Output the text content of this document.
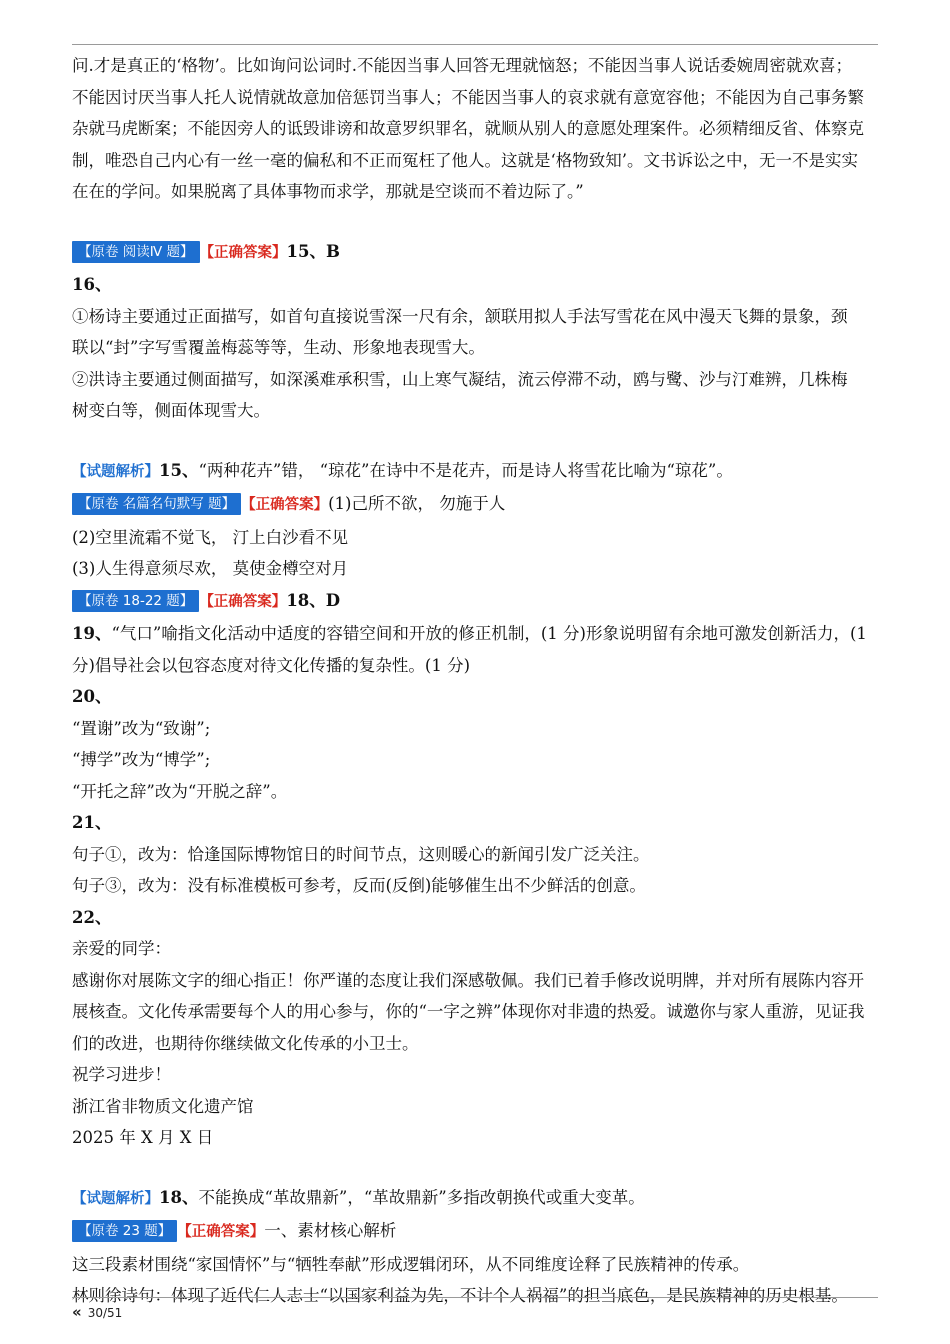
问.才是真正的‘格物’。比如询问讼词时.不能因当事人回答无理就恼怒；不能因当事人说话委婉周密就欢喜；

不能因讨厌当事人托人说情就故意加倍惩罚当事人；不能因当事人的哀求就有意宽容他；不能因为自己事务繁

杂就马虎断案；不能因旁人的诋毁诽谤和故意罗织罪名，就顺从别人的意愿处理案件。必须精细反省、体察克

制，唯恐自己内心有一丝一毫的偏私和不正而冤枉了他人。这就是‘格物致知’。文书诉讼之中，无一不是实实

在在的学问。如果脱离了具体事物而求学，那就是空谈而不着边际了。”

【原卷 阅读Ⅳ 题】 【正确答案】15、B

16、

①杨诗主要通过正面描写，如首句直接说雪深一尺有余，颔联用拟人手法写雪花在风中漫天飞舞的景象，颈

联以“封”字写雪覆盖梅蕊等等，生动、形象地表现雪大。

②洪诗主要通过侧面描写，如深溪难承积雪，山上寒气凝结，流云停滞不动，鸥与鹭、沙与汀难辨，几株梅

树变白等，侧面体现雪大。

【试题解析】15、“两种花卉”错， “琼花”在诗中不是花卉，而是诗人将雪花比喻为“琼花”。

【原卷 名篇名句默写 题】 【正确答案】(1)己所不欲， 勿施于人

(2)空里流霜不觉飞， 汀上白沙看不见

(3)人生得意须尽欢， 莫使金樽空对月

【原卷 18-22 题】 【正确答案】18、D

19、“气口”喻指文化活动中适度的容错空间和开放的修正机制，(1 分)形象说明留有余地可激发创新活力，(1

分)倡导社会以包容态度对待文化传播的复杂性。(1 分)

20、

“置谢”改为“致谢”;

“搏学”改为“博学”;

“开托之辞”改为“开脱之辞”。

21、

句子①，改为：恰逢国际博物馆日的时间节点，这则暖心的新闻引发广泛关注。

句子③，改为：没有标准模板可参考，反而(反倒)能够催生出不少鲜活的创意。

22、

亲爱的同学：

感谢你对展陈文字的细心指正！你严谨的态度让我们深感敬佩。我们已着手修改说明牌，并对所有展陈内容开

展核查。文化传承需要每个人的用心参与，你的“一字之辨”体现你对非遗的热爱。诚邀你与家人重游，见证我

们的改进，也期待你继续做文化传承的小卫士。

祝学习进步！

浙江省非物质文化遗产馆

2025 年 X 月 X 日

【试题解析】18、不能换成“革故鼎新”，“革故鼎新”多指改朝换代或重大变革。

【原卷 23 题】 【正确答案】一、素材核心解析

这三段素材围绕“家国情怀”与“牺牲奉献”形成逻辑闭环，从不同维度诠释了民族精神的传承。

林则徐诗句：体现了近代仁人志士“以国家利益为先，不计个人祸福”的担当底色，是民族精神的历史根基。

« 30/51
